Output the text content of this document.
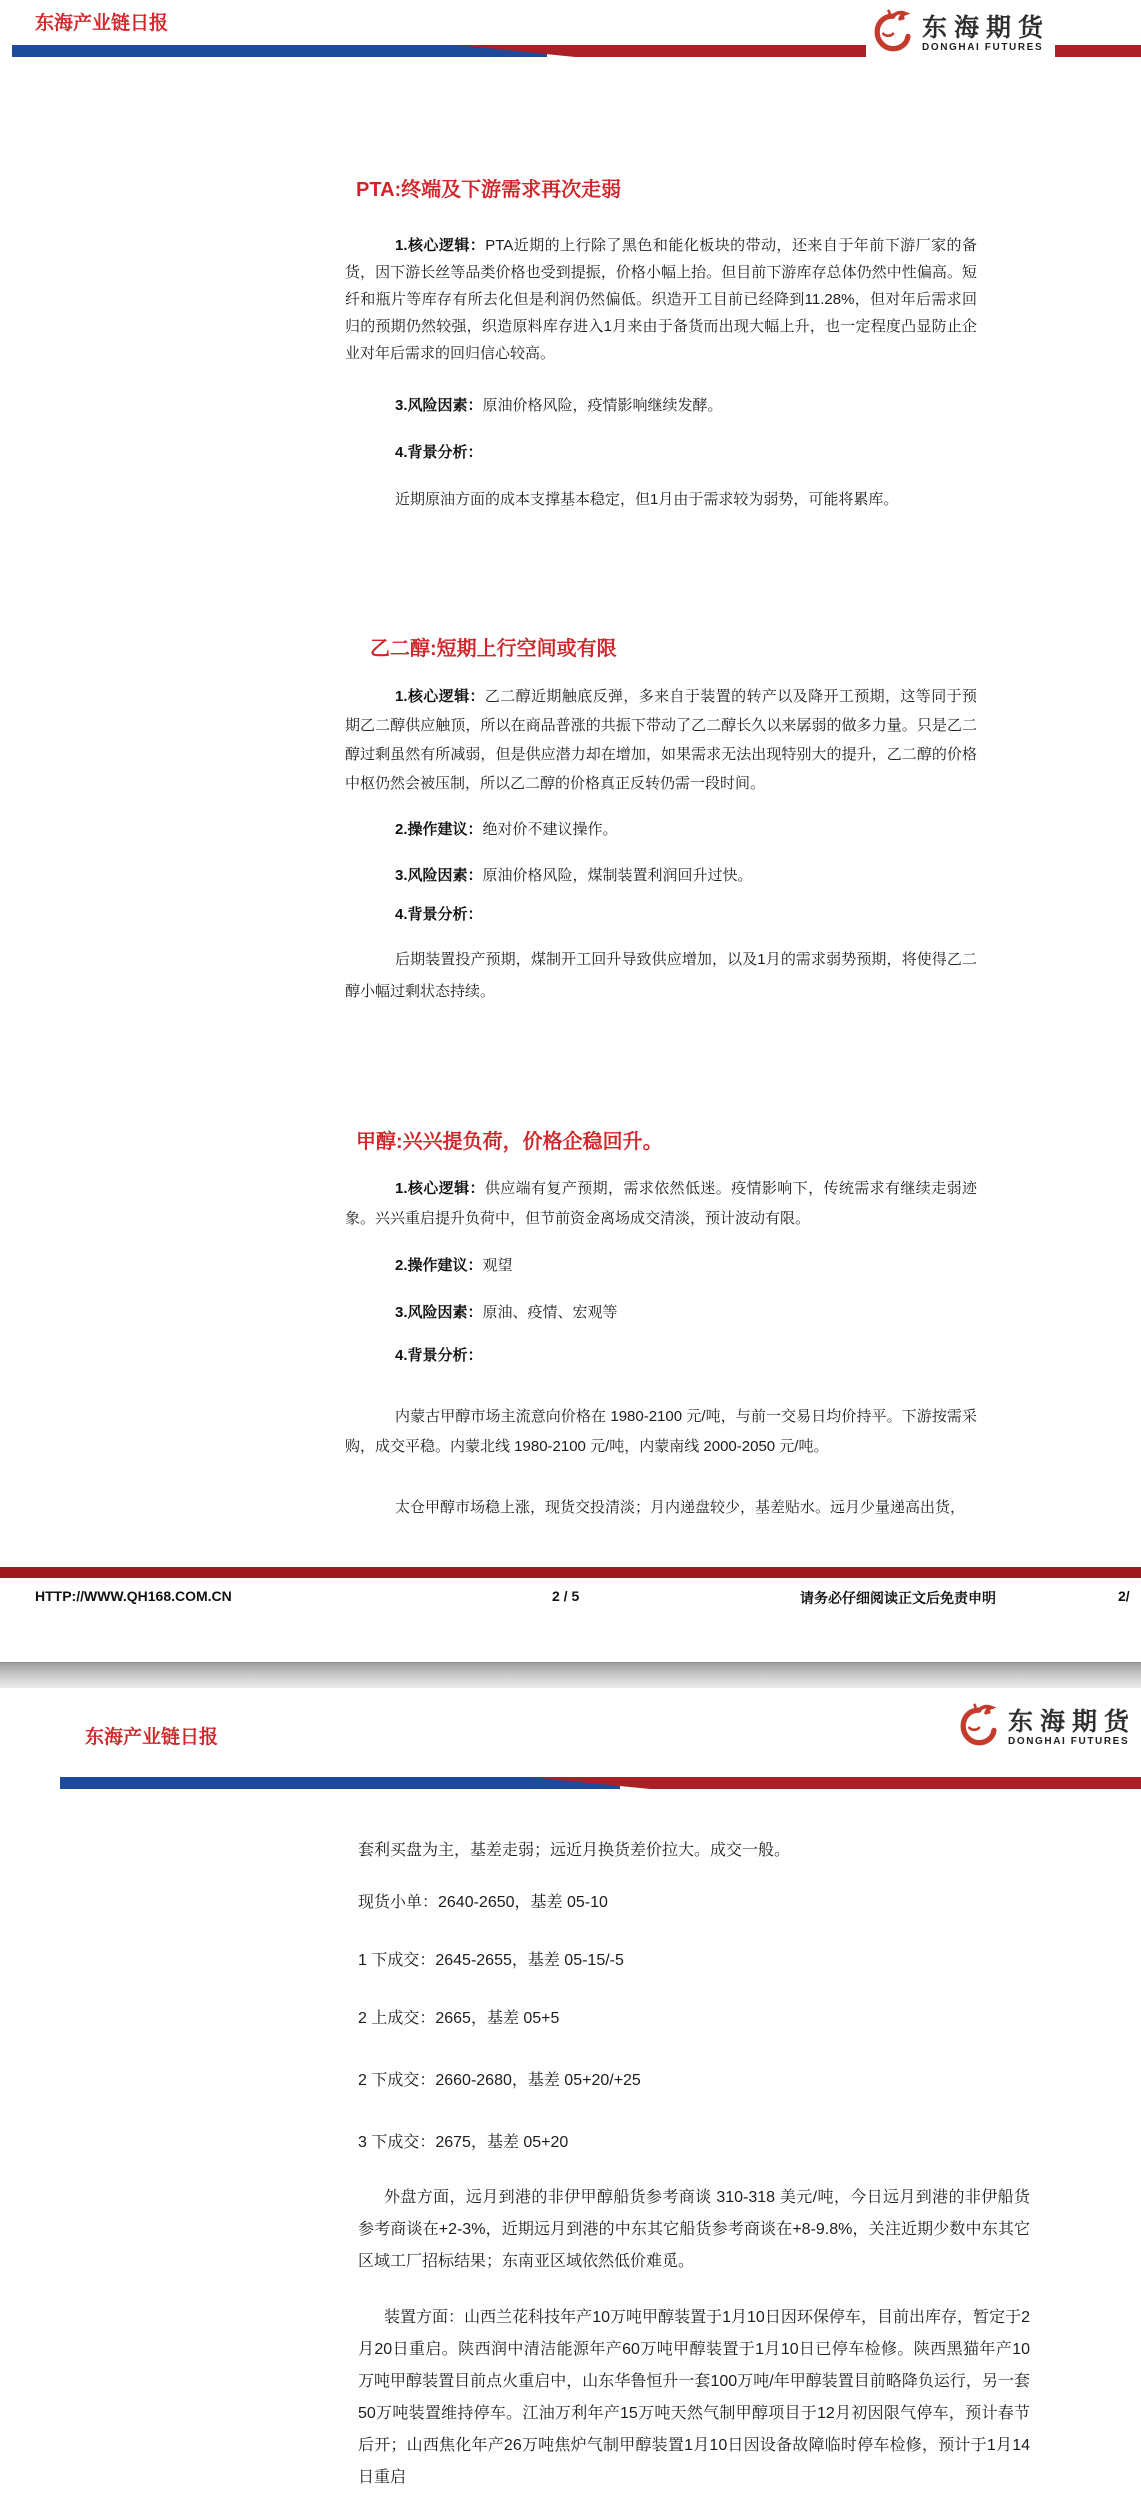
东海产业链日报	东海期货
DONGHAI FUTURES
PTA:终端及下游需求再次走弱

1.核心逻辑：PTA近期的上行除了黑色和能化板块的带动，还来自于年前下游厂家的备货，因下游长丝等品类价格也受到提振，价格小幅上抬。但目前下游库存总体仍然中性偏高。短纤和瓶片等库存有所去化但是利润仍然偏低。织造开工目前已经降到11.28%，但对年后需求回归的预期仍然较强，织造原料库存进入1月来由于备货而出现大幅上升，也一定程度凸显防止企业对年后需求的回归信心较高。

3.风险因素：原油价格风险，疫情影响继续发酵。

4.背景分析：

近期原油方面的成本支撑基本稳定，但1月由于需求较为弱势，可能将累库。

乙二醇:短期上行空间或有限

1.核心逻辑：乙二醇近期触底反弹，多来自于装置的转产以及降开工预期，这等同于预期乙二醇供应触顶，所以在商品普涨的共振下带动了乙二醇长久以来孱弱的做多力量。只是乙二醇过剩虽然有所减弱，但是供应潜力却在增加，如果需求无法出现特别大的提升，乙二醇的价格中枢仍然会被压制，所以乙二醇的价格真正反转仍需一段时间。

2.操作建议：绝对价不建议操作。

3.风险因素：原油价格风险，煤制装置利润回升过快。

4.背景分析：

后期装置投产预期，煤制开工回升导致供应增加，以及1月的需求弱势预期，将使得乙二醇小幅过剩状态持续。

甲醇:兴兴提负荷，价格企稳回升。

1.核心逻辑：供应端有复产预期，需求依然低迷。疫情影响下，传统需求有继续走弱迹象。兴兴重启提升负荷中，但节前资金离场成交清淡，预计波动有限。

2.操作建议：观望

3.风险因素：原油、疫情、宏观等

4.背景分析：

内蒙古甲醇市场主流意向价格在 1980-2100 元/吨，与前一交易日均价持平。下游按需采购，成交平稳。内蒙北线 1980-2100 元/吨，内蒙南线 2000-2050 元/吨。

太仓甲醇市场稳上涨，现货交投清淡；月内递盘较少，基差贴水。远月少量递高出货，

HTTP://WWW.QH168.COM.CN	2 / 5	请务必仔细阅读正文后免责申明	2/
东海产业链日报
东海期货
DONGHAI FUTURES

套利买盘为主，基差走弱；远近月换货差价拉大。成交一般。

现货小单：2640-2650，基差 05-10

1 下成交：2645-2655，基差 05-15/-5

2 上成交：2665，基差 05+5

2 下成交：2660-2680，基差 05+20/+25

3 下成交：2675，基差 05+20

外盘方面，远月到港的非伊甲醇船货参考商谈 310-318 美元/吨，今日远月到港的非伊船货参考商谈在+2-3%，近期远月到港的中东其它船货参考商谈在+8-9.8%，关注近期少数中东其它区域工厂招标结果；东南亚区域依然低价难觅。

装置方面：山西兰花科技年产10万吨甲醇装置于1月10日因环保停车，目前出库存，暂定于2月20日重启。陕西润中清洁能源年产60万吨甲醇装置于1月10日已停车检修。陕西黑猫年产10万吨甲醇装置目前点火重启中，山东华鲁恒升一套100万吨/年甲醇装置目前略降负运行，另一套50万吨装置维持停车。江油万利年产15万吨天然气制甲醇项目于12月初因限气停车，预计春节后开；山西焦化年产26万吨焦炉气制甲醇装置1月10日因设备故障临时停车检修，预计于1月14日重启
